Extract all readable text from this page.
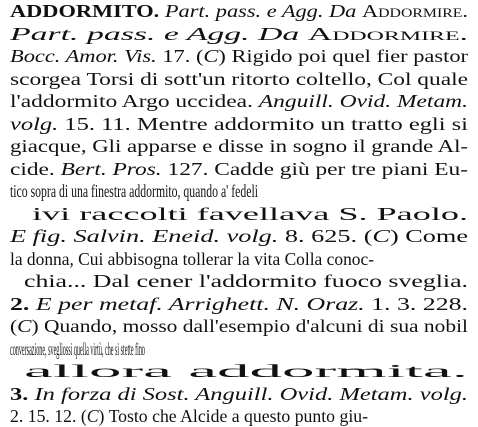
ADDORMITO. Part. pass. e Agg. Da Addormire.
Part. pass. e Agg. Da Addormire.
Bocc. Amor. Vis. 17. (C) Rigido poi quel fier pastor
scorgea Torsi di sott'un ritorto coltello, Col quale
l'addormito Argo uccidea. Anguill. Ovid. Metam.
volg. 15. 11. Mentre addormito un tratto egli si
giacque, Gli apparse e disse in sogno il grande Al-
cide. Bert. Pros. 127. Cadde giù per tre piani Eu-
tico sopra di una finestra addormito, quando a' fedeli
ivi raccolti favellava S. Paolo.
E fig. Salvin. Eneid. volg. 8. 625. (C) Come
la donna, Cui abbisogna tollerar la vita Colla conoc-
chia... Dal cener l'addormito fuoco sveglia.
2. E per metaf. Arrighett. N. Oraz. 1. 3. 228.
(C) Quando, mosso dall'esempio d'alcuni di sua nobil
conversazione, svegliossi quella virtù, che si stette fino
allora addormita.
3. In forza di Sost. Anguill. Ovid. Metam. volg.
2. 15. 12. (C) Tosto che Alcide a questo punto giu-
